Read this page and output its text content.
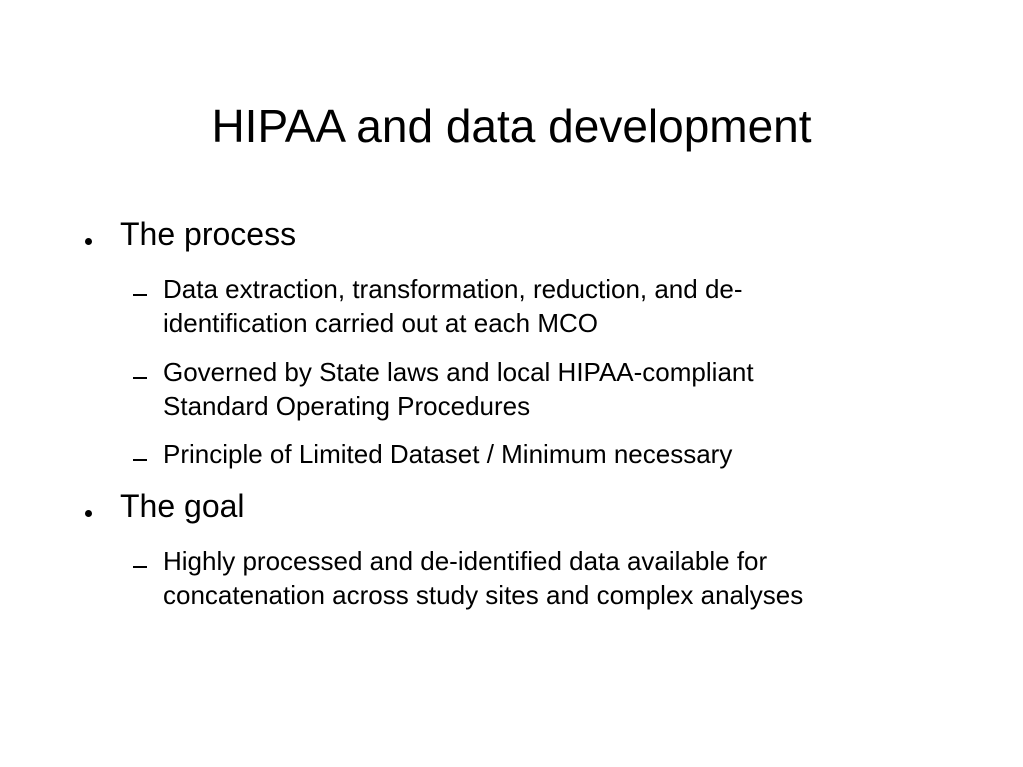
HIPAA and data development
The process
Data extraction, transformation, reduction, and de-
identification carried out at each MCO
Governed by State laws and local HIPAA-compliant
Standard Operating Procedures
Principle of Limited Dataset / Minimum necessary
The goal
Highly processed and de-identified data available for
concatenation across study sites and complex analyses
